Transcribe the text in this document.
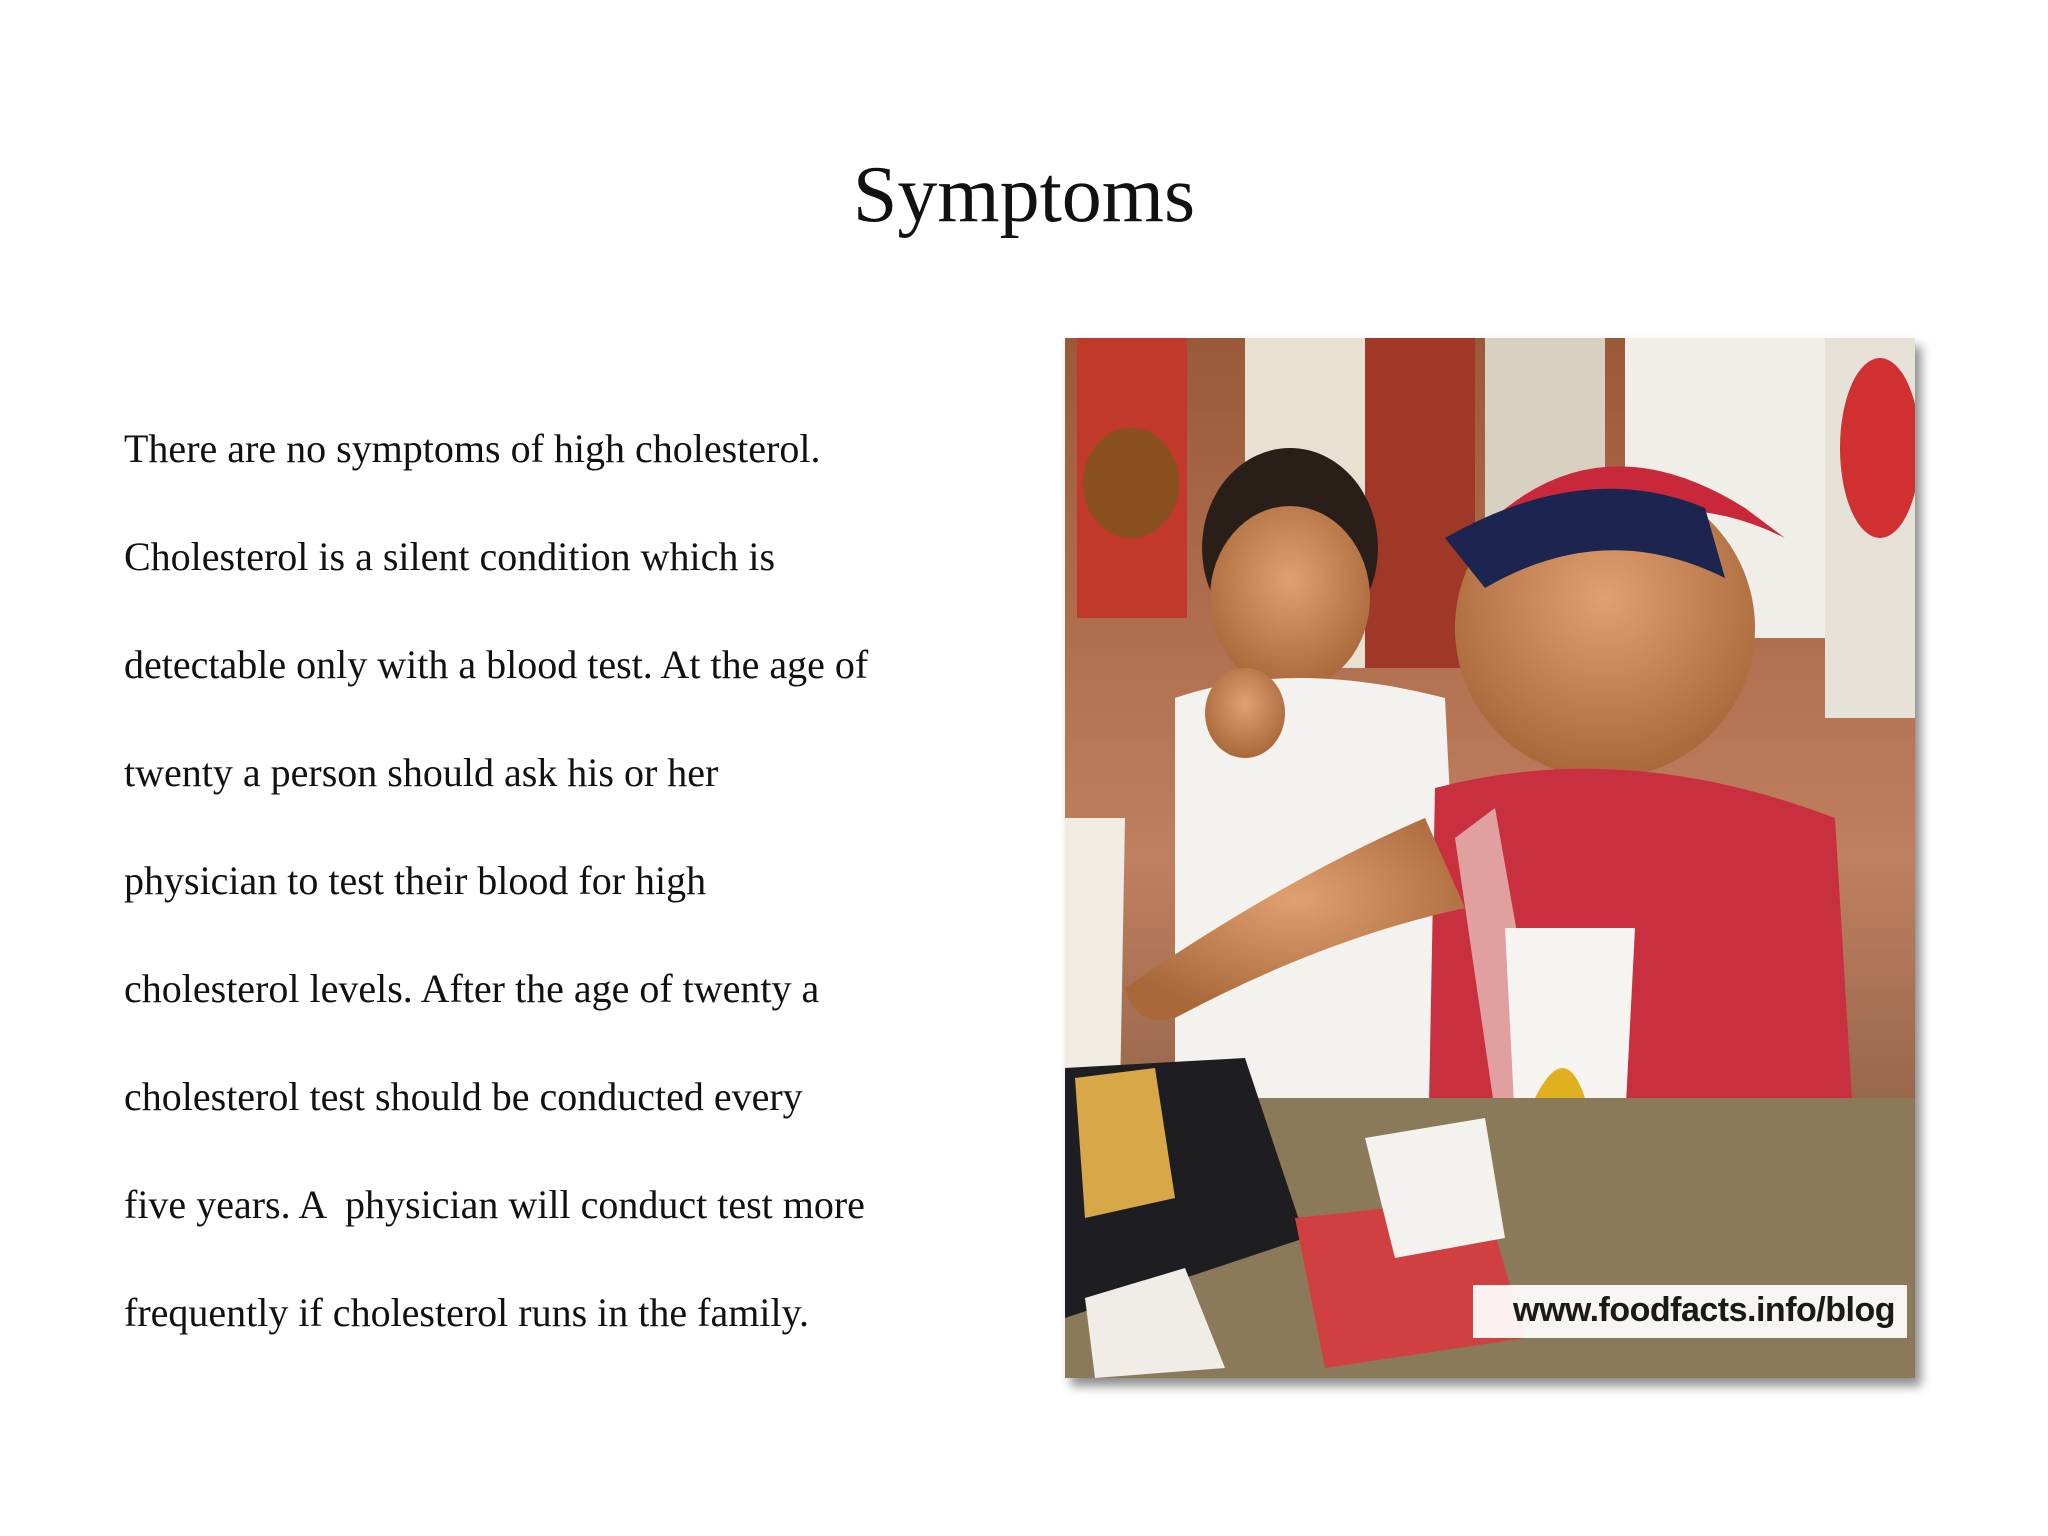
Symptoms
There are no symptoms of high cholesterol.
Cholesterol is a silent condition which is
detectable only with a blood test. At the age of
twenty a person should ask his or her
physician to test their blood for high
cholesterol levels. After the age of twenty a
cholesterol test should be conducted every
five years. A  physician will conduct test more
frequently if cholesterol runs in the family.	www.foodfacts.info/blog
